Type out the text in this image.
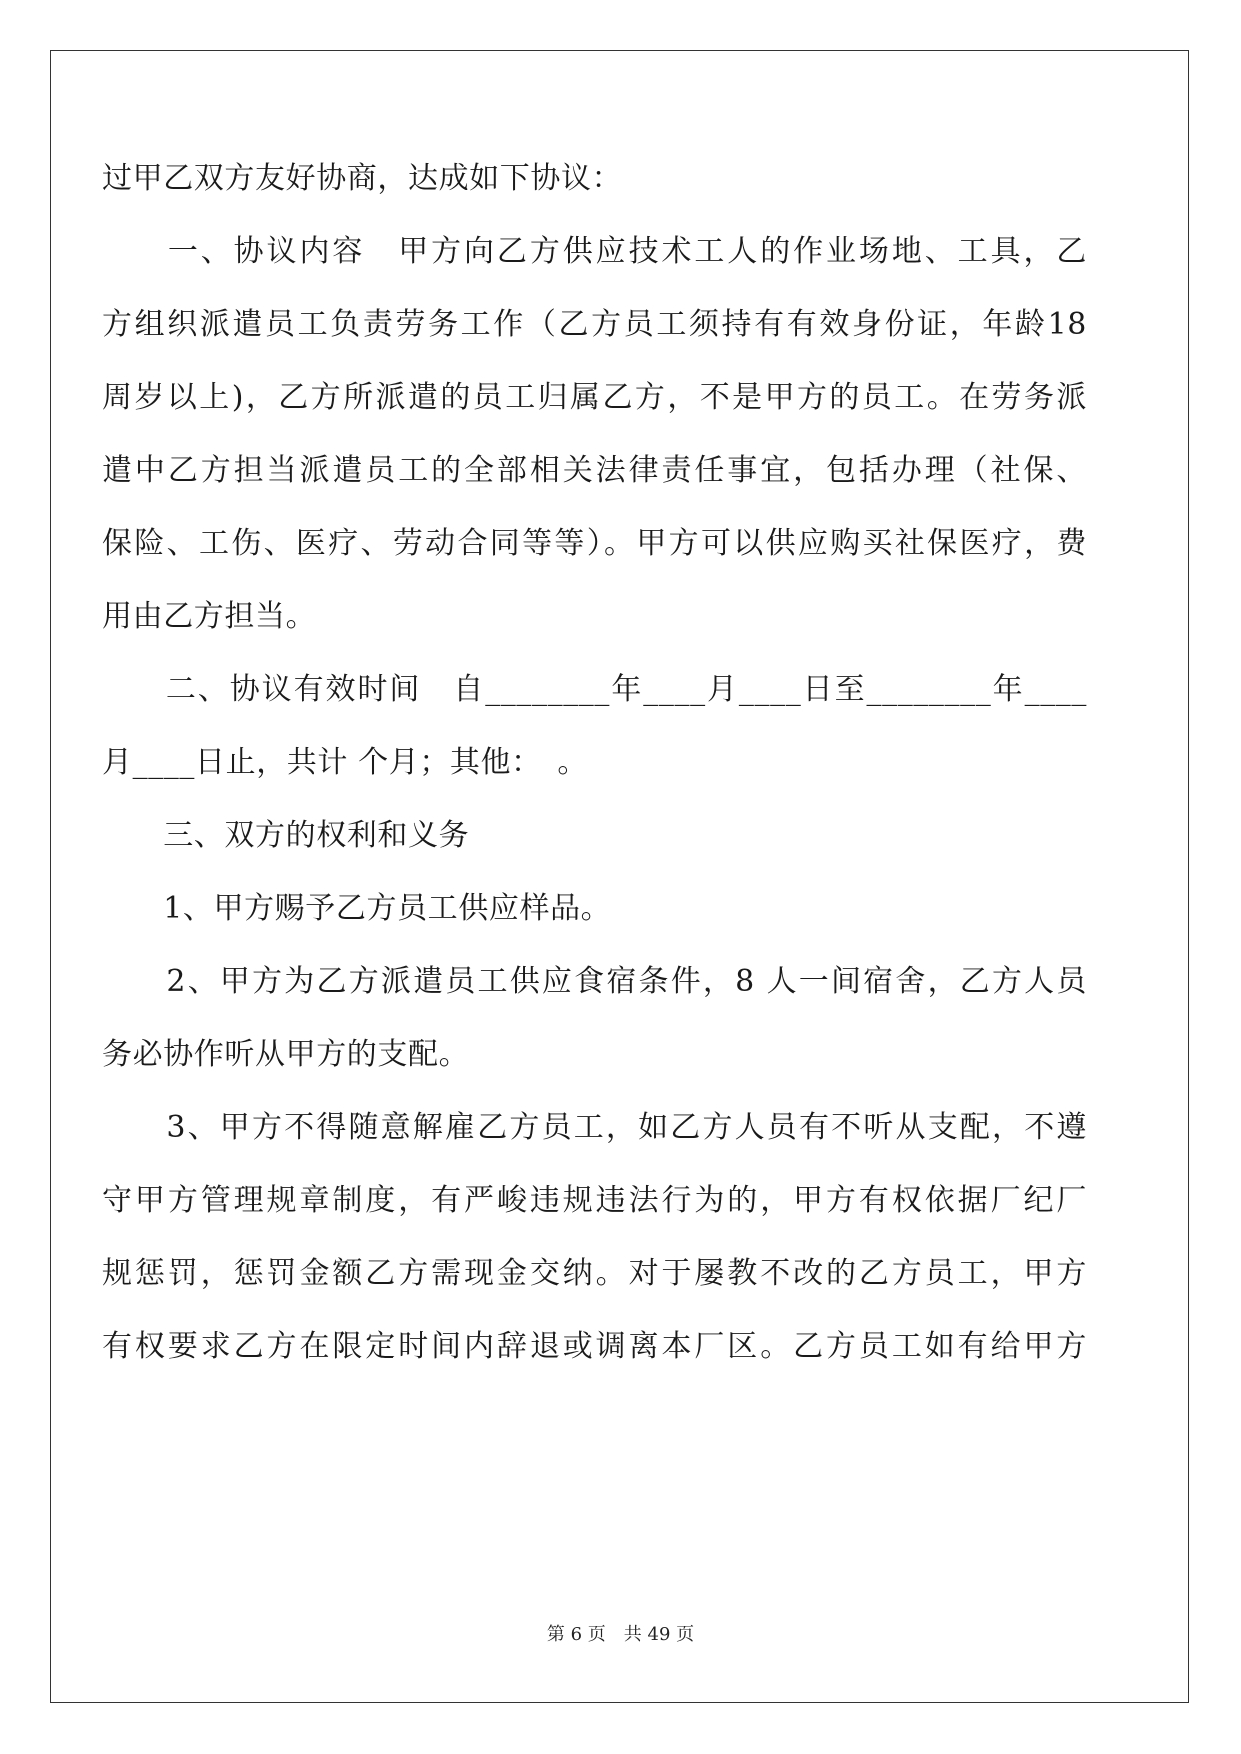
过甲乙双方友好协商，达成如下协议：
　　一、协议内容　甲方向乙方供应技术工人的作业场地、工具，乙
方组织派遣员工负责劳务工作（乙方员工须持有有效身份证，年龄18
周岁以上)，乙方所派遣的员工归属乙方，不是甲方的员工。在劳务派
遣中乙方担当派遣员工的全部相关法律责任事宜，包括办理（社保、
保险、工伤、医疗、劳动合同等等）。甲方可以供应购买社保医疗，费
用由乙方担当。
　　二、协议有效时间　自________年____月____日至________年____
月____日止，共计 个月；其他：　。
　　三、双方的权利和义务
　　1、甲方赐予乙方员工供应样品。
　　2、甲方为乙方派遣员工供应食宿条件，8 人一间宿舍，乙方人员
务必协作听从甲方的支配。
　　3、甲方不得随意解雇乙方员工，如乙方人员有不听从支配，不遵
守甲方管理规章制度，有严峻违规违法行为的，甲方有权依据厂纪厂
规惩罚，惩罚金额乙方需现金交纳。对于屡教不改的乙方员工，甲方
有权要求乙方在限定时间内辞退或调离本厂区。乙方员工如有给甲方
第 6 页　共 49 页
